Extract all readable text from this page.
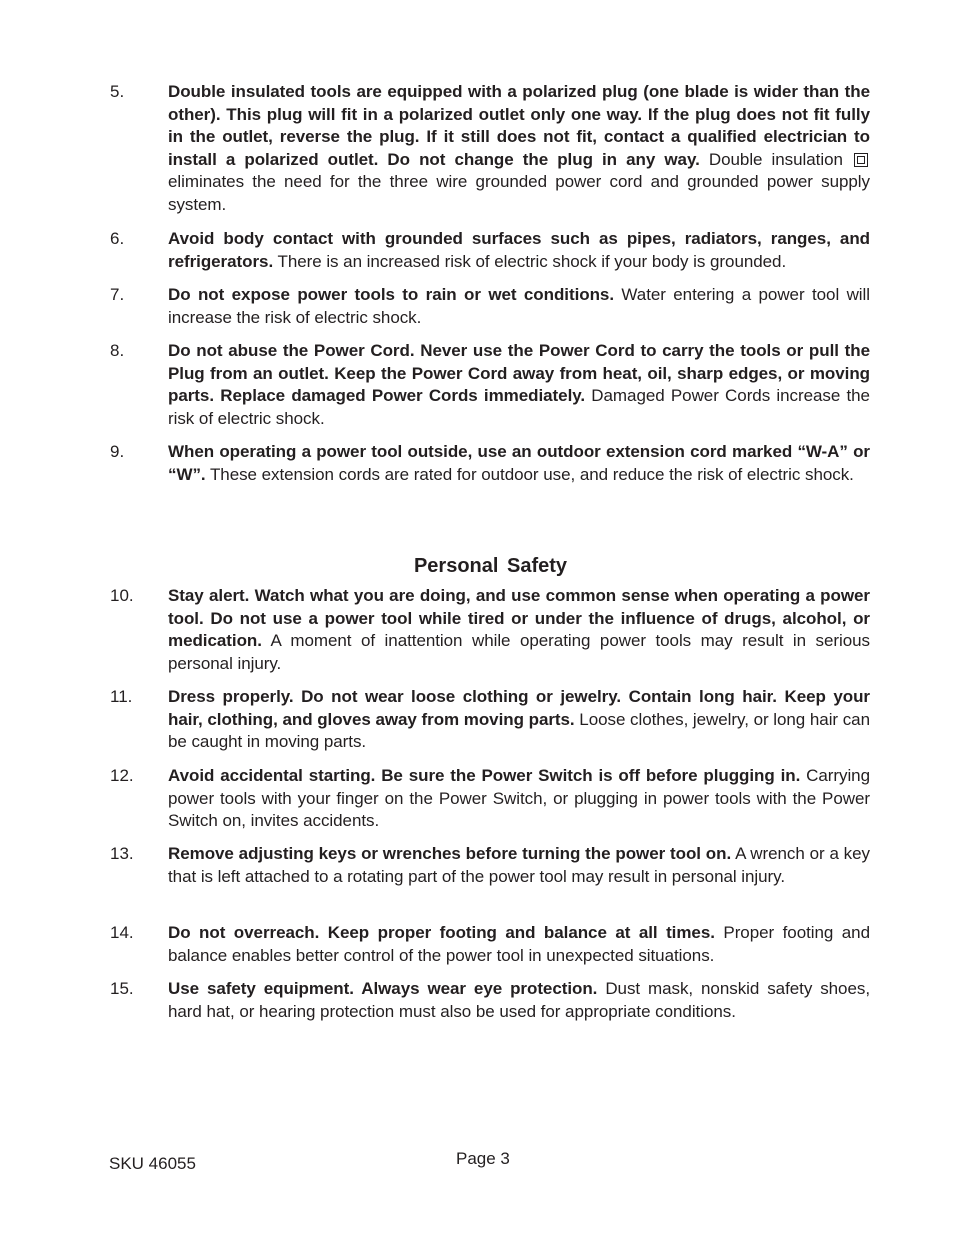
5.	Double insulated tools are equipped with a polarized plug (one blade is wider than the other). This plug will fit in a polarized outlet only one way. If the plug does not fit fully in the outlet, reverse the plug. If it still does not fit, contact a qualified electrician to install a polarized outlet. Do not change the plug in any way. Double insulation  eliminates the need for the three wire grounded power cord and grounded power supply system.
6.	Avoid body contact with grounded surfaces such as pipes, radiators, ranges, and refrigerators. There is an increased risk of electric shock if your body is grounded.
7.	Do not expose power tools to rain or wet conditions. Water entering a power tool will increase the risk of electric shock.
8.	Do not abuse the Power Cord. Never use the Power Cord to carry the tools or pull the Plug from an outlet. Keep the Power Cord away from heat, oil, sharp edges, or moving parts. Replace damaged Power Cords immediately. Damaged Power Cords increase the risk of electric shock.
9.	When operating a power tool outside, use an outdoor extension cord marked “W-A” or “W”. These extension cords are rated for outdoor use, and reduce the risk of electric shock.
Personal Safety
10. Stay alert. Watch what you are doing, and use common sense when operating a power tool. Do not use a power tool while tired or under the influence of drugs, alcohol, or medication. A moment of inattention while operating power tools may result in serious personal injury.
11. Dress properly. Do not wear loose clothing or jewelry. Contain long hair. Keep your hair, clothing, and gloves away from moving parts. Loose clothes, jewelry, or long hair can be caught in moving parts.
12. Avoid accidental starting. Be sure the Power Switch is off before plugging in. Carrying power tools with your finger on the Power Switch, or plugging in power tools with the Power Switch on, invites accidents.
13. Remove adjusting keys or wrenches before turning the power tool on. A wrench or a key that is left attached to a rotating part of the power tool may result in personal injury.
14. Do not overreach. Keep proper footing and balance at all times. Proper footing and balance enables better control of the power tool in unexpected situations.
15. Use safety equipment. Always wear eye protection. Dust mask, nonskid safety shoes, hard hat, or hearing protection must also be used for appropriate conditions.
SKU 46055	Page 3
